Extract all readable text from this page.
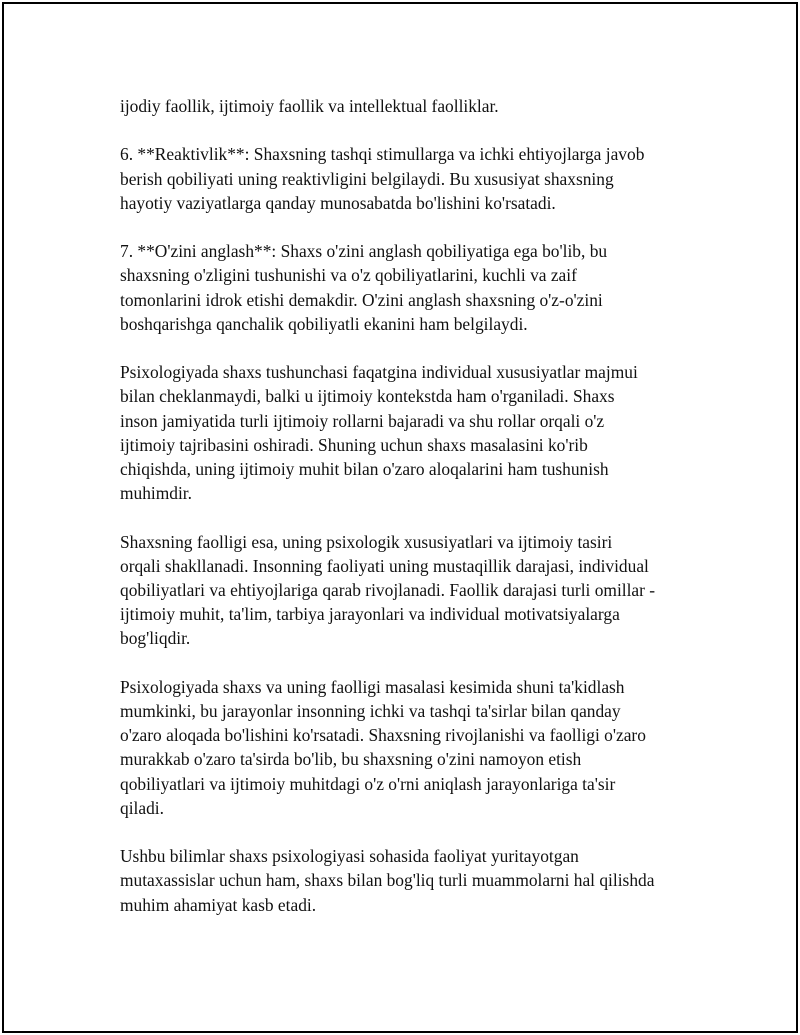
ijodiy faollik, ijtimoiy faollik va intellektual faolliklar.

6. **Reaktivlik**: Shaxsning tashqi stimullarga va ichki ehtiyojlarga javob
berish qobiliyati uning reaktivligini belgilaydi. Bu xususiyat shaxsning
hayotiy vaziyatlarga qanday munosabatda bo'lishini ko'rsatadi.

7. **O'zini anglash**: Shaxs o'zini anglash qobiliyatiga ega bo'lib, bu
shaxsning o'zligini tushunishi va o'z qobiliyatlarini, kuchli va zaif
tomonlarini idrok etishi demakdir. O'zini anglash shaxsning o'z-o'zini
boshqarishga qanchalik qobiliyatli ekanini ham belgilaydi.

Psixologiyada shaxs tushunchasi faqatgina individual xususiyatlar majmui
bilan cheklanmaydi, balki u ijtimoiy kontekstda ham o'rganiladi. Shaxs
inson jamiyatida turli ijtimoiy rollarni bajaradi va shu rollar orqali o'z
ijtimoiy tajribasini oshiradi. Shuning uchun shaxs masalasini ko'rib
chiqishda, uning ijtimoiy muhit bilan o'zaro aloqalarini ham tushunish
muhimdir.

Shaxsning faolligi esa, uning psixologik xususiyatlari va ijtimoiy tasiri
orqali shakllanadi. Insonning faoliyati uning mustaqillik darajasi, individual
qobiliyatlari va ehtiyojlariga qarab rivojlanadi. Faollik darajasi turli omillar -
ijtimoiy muhit, ta'lim, tarbiya jarayonlari va individual motivatsiyalarga
bog'liqdir.

Psixologiyada shaxs va uning faolligi masalasi kesimida shuni ta'kidlash
mumkinki, bu jarayonlar insonning ichki va tashqi ta'sirlar bilan qanday
o'zaro aloqada bo'lishini ko'rsatadi. Shaxsning rivojlanishi va faolligi o'zaro
murakkab o'zaro ta'sirda bo'lib, bu shaxsning o'zini namoyon etish
qobiliyatlari va ijtimoiy muhitdagi o'z o'rni aniqlash jarayonlariga ta'sir
qiladi.

Ushbu bilimlar shaxs psixologiyasi sohasida faoliyat yuritayotgan
mutaxassislar uchun ham, shaxs bilan bog'liq turli muammolarni hal qilishda
muhim ahamiyat kasb etadi.
